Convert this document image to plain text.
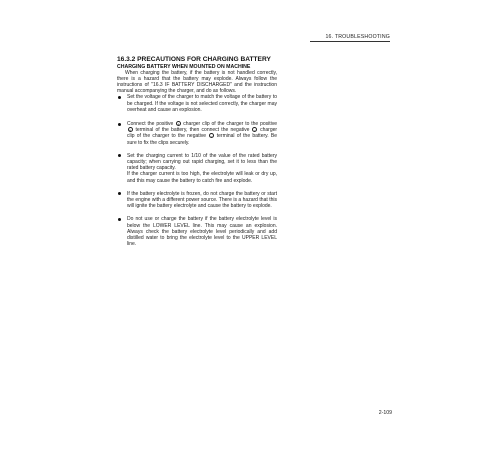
16. TROUBLESHOOTING
16.3.2 PRECAUTIONS FOR CHARGING BATTERY
CHARGING BATTERY WHEN MOUNTED ON MACHINE

When charging the battery, if the battery is not handled correctly, there is a hazard that the battery may explode. Always follow the instructions of "16.3 IF BATTERY DISCHARGED" and the instruction manual accompanying the charger, and do as follows.

Set the voltage of the charger to match the voltage of the battery to be charged. If the voltage is not selected correctly, the charger may overheat and cause an explosion.

Connect the positive + charger clip of the charger to the positive + terminal of the battery, then connect the negative − charger clip of the charger to the negative − terminal of the battery. Be sure to fix the clips securely.

Set the charging current to 1/10 of the value of the rated battery capacity; when carrying out rapid charging, set it to less than the rated battery capacity.

If the charger current is too high, the electrolyte will leak or dry up, and this may cause the battery to catch fire and explode.

If the battery electrolyte is frozen, do not charge the battery or start the engine with a different power source. There is a hazard that this will ignite the battery electrolyte and cause the battery to explode.

Do not use or charge the battery if the battery electrolyte level is below the LOWER LEVEL line. This may cause an explosion. Always check the battery electrolyte level periodically and add distilled water to bring the electrolyte level to the UPPER LEVEL line.

2-109
